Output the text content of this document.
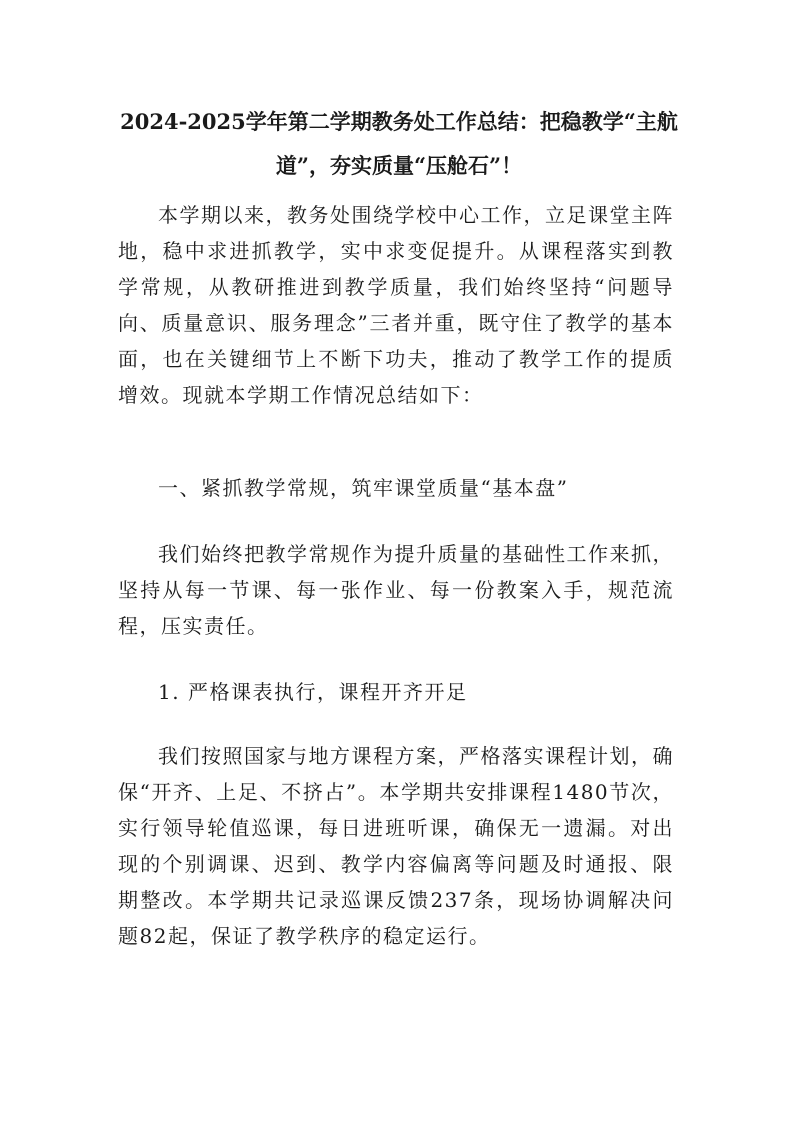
2024-2025学年第二学期教务处工作总结：把稳教学“主航道”，夯实质量“压舱石”！

本学期以来，教务处围绕学校中心工作，立足课堂主阵地，稳中求进抓教学，实中求变促提升。从课程落实到教学常规，从教研推进到教学质量，我们始终坚持“问题导向、质量意识、服务理念”三者并重，既守住了教学的基本面，也在关键细节上不断下功夫，推动了教学工作的提质增效。现就本学期工作情况总结如下：

一、紧抓教学常规，筑牢课堂质量“基本盘”

我们始终把教学常规作为提升质量的基础性工作来抓，坚持从每一节课、每一张作业、每一份教案入手，规范流程，压实责任。

1. 严格课表执行，课程开齐开足

我们按照国家与地方课程方案，严格落实课程计划，确保“开齐、上足、不挤占”。本学期共安排课程1480节次，实行领导轮值巡课，每日进班听课，确保无一遗漏。对出现的个别调课、迟到、教学内容偏离等问题及时通报、限期整改。本学期共记录巡课反馈237条，现场协调解决问题82起，保证了教学秩序的稳定运行。
